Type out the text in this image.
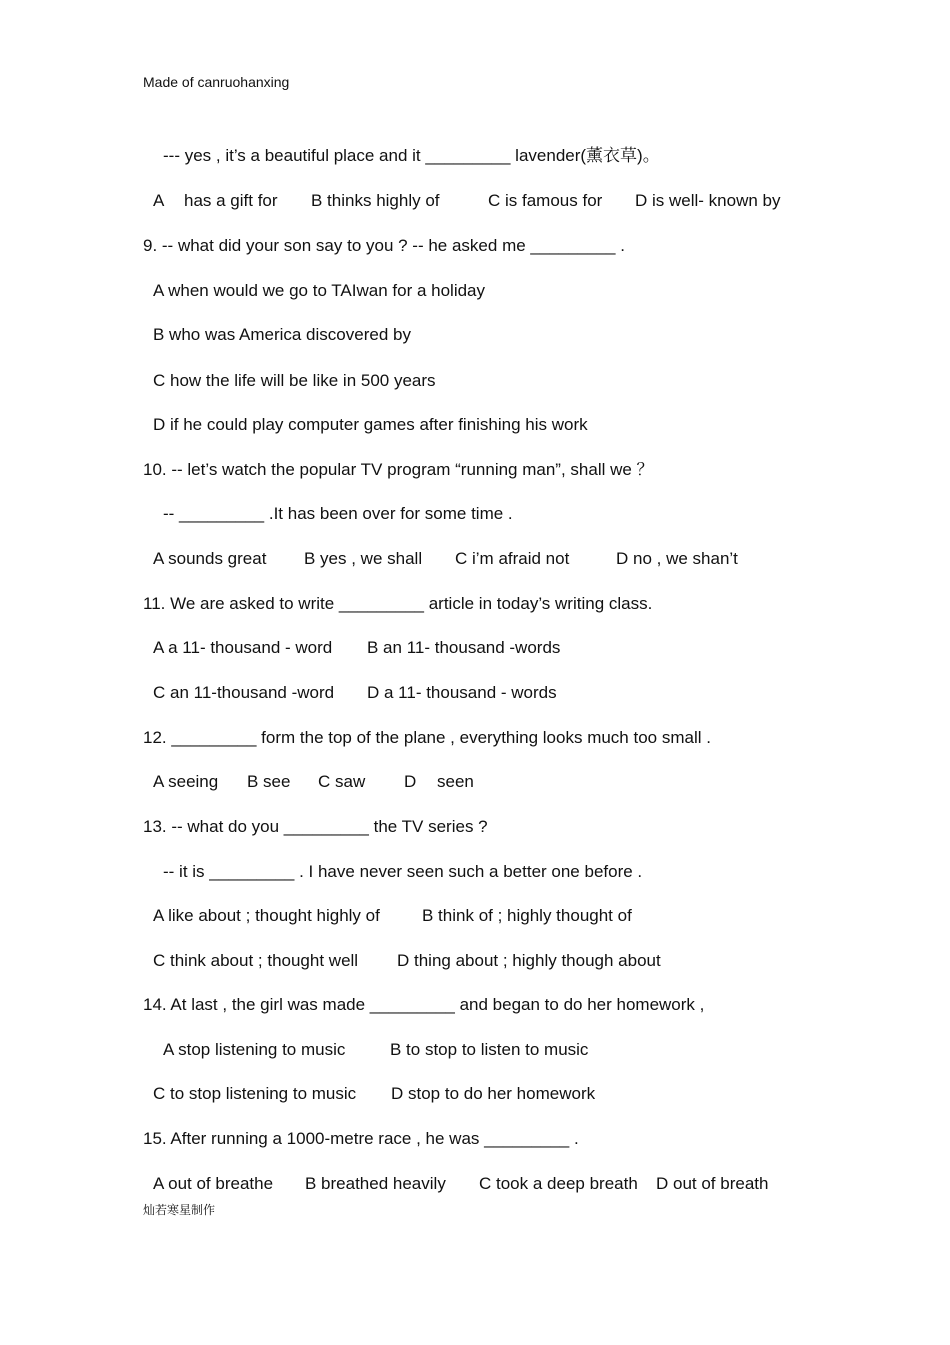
Made of canruohanxing
--- yes , it’s a beautiful place and it _________ lavender(薰衣草)。
A has a gift for B thinks highly of	C is famous for D is well- known by
9. -- what did your son say to you ? -- he asked me _________ .
A when would we go to TAIwan for a holiday
B who was America discovered by
C how the life will be like in 500 years
D if he could play computer games after finishing his work
10. -- let’s watch the popular TV program “running man”, shall we ？
-- _________ .It has been over for some time .
A sounds great B yes , we shall C i’m afraid not	D no , we shan’t
11. We are asked to write _________ article in today’s writing class.
A a 11- thousand - word B an 11- thousand -words
C an 11-thousand -word D a 11- thousand - words
12. _________ form the top of the plane , everything looks much too small .
A seeing B see C saw D seen
13. -- what do you _________ the TV series ?
-- it is _________ . I have never seen such a better one before .
A like about ; thought highly of B think of ; highly thought of
C think about ; thought well D thing about ; highly though about
14. At last , the girl was made _________ and began to do her homework ,
A stop listening to music	B to stop to listen to music
C to stop listening to music D stop to do her homework
15. After running a 1000-metre race , he was _________ .
A out of breathe B breathed heavily C took a deep breath D out of breath
灿若寒星制作
